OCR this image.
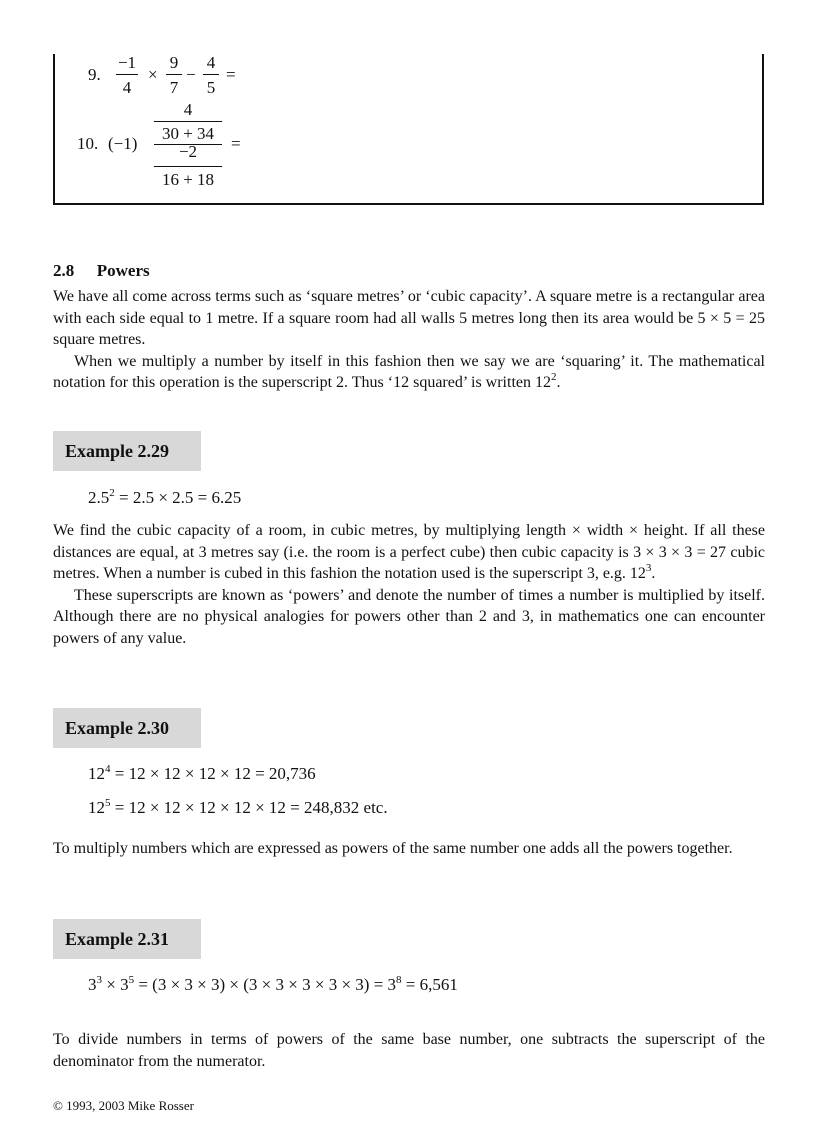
9.
−1
4
×
9
7
−
4
5
=
10. (−1)
4
30 + 34
−2
16 + 18
=
2.8 Powers

We have all come across terms such as ‘square metres’ or ‘cubic capacity’. A square metre is a rectangular area with each side equal to 1 metre. If a square room had all walls 5 metres long then its area would be 5 × 5 = 25 square metres.

When we multiply a number by itself in this fashion then we say we are ‘squaring’ it. The mathematical notation for this operation is the superscript 2. Thus ‘12 squared’ is written $12^2$.

Example 2.29
$2.5^2 = 2.5 \times 2.5 = 6.25$

We find the cubic capacity of a room, in cubic metres, by multiplying length × width × height. If all these distances are equal, at 3 metres say (i.e. the room is a perfect cube) then cubic capacity is 3 × 3 × 3 = 27 cubic metres. When a number is cubed in this fashion the notation used is the superscript 3, e.g. $12^3$.

These superscripts are known as ‘powers’ and denote the number of times a number is multiplied by itself. Although there are no physical analogies for powers other than 2 and 3, in mathematics one can encounter powers of any value.

Example 2.30
$12^4 = 12 \times 12 \times 12 \times 12 = 20,736$
$12^5 = 12 \times 12 \times 12 \times 12 \times 12 = 248,832$ etc.

To multiply numbers which are expressed as powers of the same number one adds all the powers together.

Example 2.31
$3^3 \times 3^5 = (3 \times 3 \times 3) \times (3 \times 3 \times 3 \times 3 \times 3) = 3^8 = 6,561$

To divide numbers in terms of powers of the same base number, one subtracts the superscript of the denominator from the numerator.

© 1993, 2003 Mike Rosser
